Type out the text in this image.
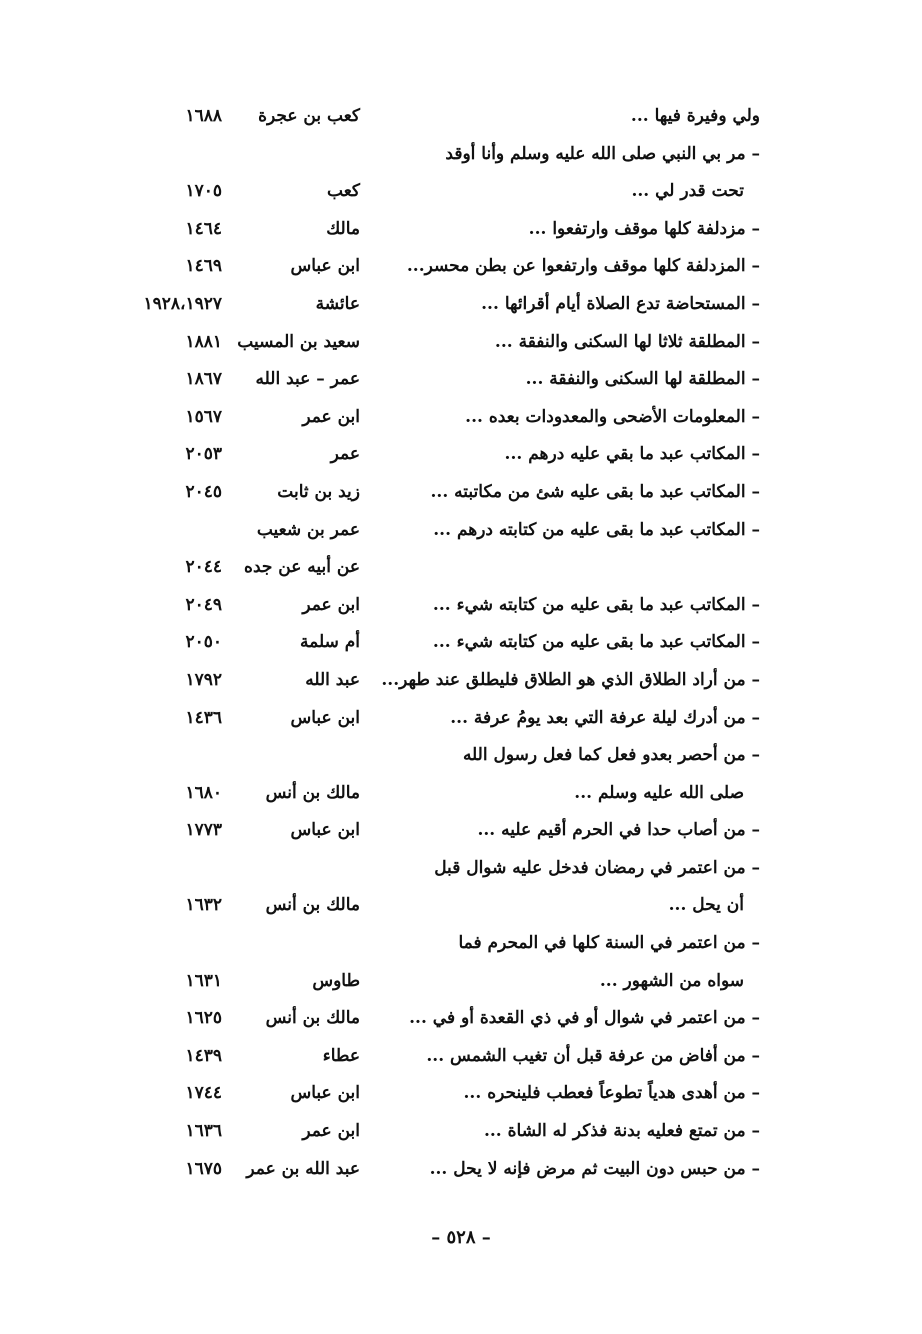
ولي وفيرة فيها ...
كعب بن عجرة
١٦٨٨
– مر بي النبي صلى الله عليه وسلم وأنا أوقد
تحت قدر لي ...
كعب
١٧٠٥
– مزدلفة كلها موقف وارتفعوا ...
مالك
١٤٦٤
– المزدلفة كلها موقف وارتفعوا عن بطن محسر...
ابن عباس
١٤٦٩
– المستحاضة تدع الصلاة أيام أقرائها ...
عائشة
١٩٢٨،١٩٢٧
– المطلقة ثلاثا لها السكنى والنفقة ...
سعيد بن المسيب
١٨٨١
– المطلقة لها السكنى والنفقة ...
عمر – عبد الله
١٨٦٧
– المعلومات الأضحى والمعدودات بعده ...
ابن عمر
١٥٦٧
– المكاتب عبد ما بقي عليه درهم ...
عمر
٢٠٥٣
– المكاتب عبد ما بقى عليه شئ من مكاتبته ...
زيد بن ثابت
٢٠٤٥
– المكاتب عبد ما بقى عليه من كتابته درهم ...
عمر بن شعيب
عن أبيه عن جده
٢٠٤٤
– المكاتب عبد ما بقى عليه من كتابته شيء ...
ابن عمر
٢٠٤٩
– المكاتب عبد ما بقى عليه من كتابته شيء ...
أم سلمة
٢٠٥٠
– من أراد الطلاق الذي هو الطلاق فليطلق عند طهر...
عبد الله
١٧٩٢
– من أدرك ليلة عرفة التي بعد يومُ عرفة ...
ابن عباس
١٤٣٦
– من أحصر بعدو فعل كما فعل رسول الله
صلى الله عليه وسلم ...
مالك بن أنس
١٦٨٠
– من أصاب حدا في الحرم أقيم عليه ...
ابن عباس
١٧٧٣
– من اعتمر في رمضان فدخل عليه شوال قبل
أن يحل ...
مالك بن أنس
١٦٣٢
– من اعتمر في السنة كلها في المحرم فما
سواه من الشهور ...
طاوس
١٦٣١
– من اعتمر في شوال أو في ذي القعدة أو في ...
مالك بن أنس
١٦٢٥
– من أفاض من عرفة قبل أن تغيب الشمس ...
عطاء
١٤٣٩
– من أهدى هدياً تطوعاً فعطب فلينحره ...
ابن عباس
١٧٤٤
– من تمتع فعليه بدنة فذكر له الشاة ...
ابن عمر
١٦٣٦
– من حبس دون البيت ثم مرض فإنه لا يحل ...
عبد الله بن عمر
١٦٧٥
– ٥٢٨ –
